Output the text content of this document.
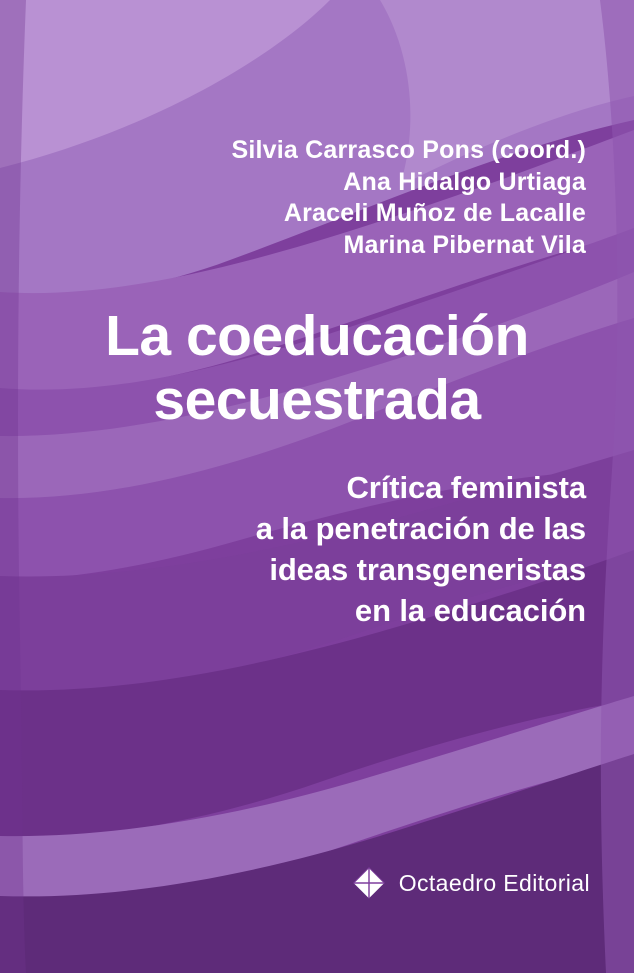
Silvia Carrasco Pons (coord.)
Ana Hidalgo Urtiaga
Araceli Muñoz de Lacalle
Marina Pibernat Vila
La coeducación
secuestrada
Crítica feminista
a la penetración de las
ideas transgeneristas
en la educación
Octaedro Editorial
